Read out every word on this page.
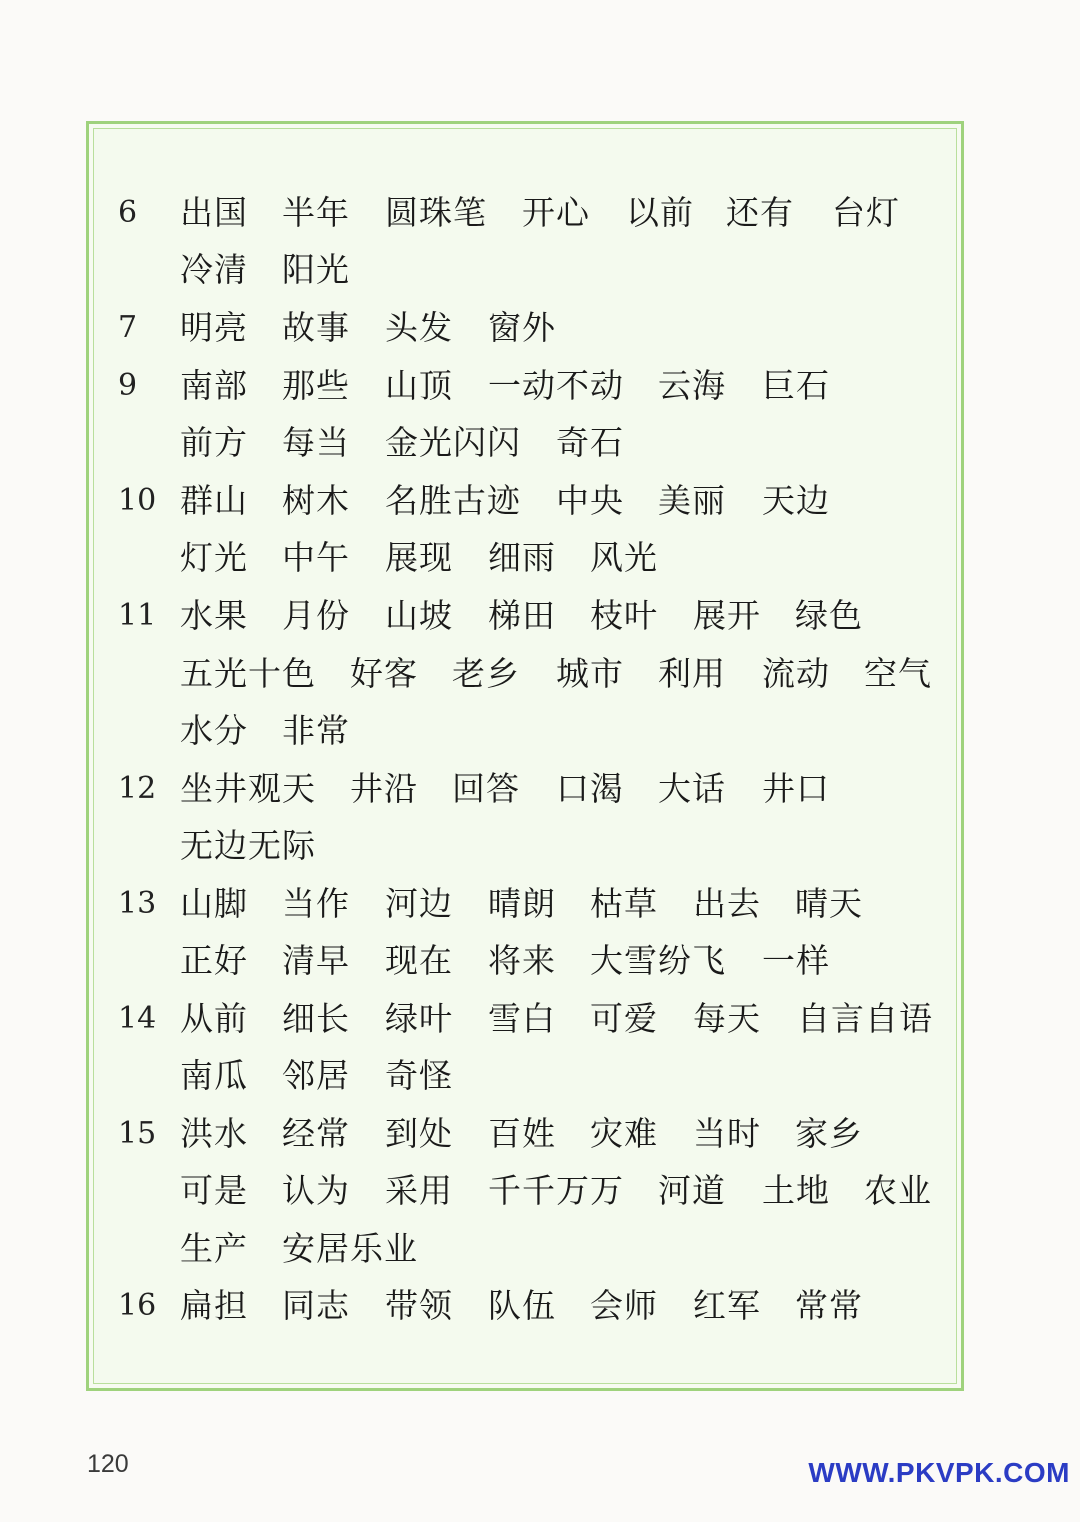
6	出国 半年 圆珠笔 开心 以前 还有 台灯
冷清 阳光
7	明亮 故事 头发 窗外
9	南部 那些 山顶 一动不动 云海 巨石
前方 每当 金光闪闪 奇石
10 群山 树木 名胜古迹 中央 美丽 天边
灯光 中午 展现 细雨 风光
11 水果 月份 山坡 梯田 枝叶 展开 绿色
五光十色 好客 老乡 城市 利用 流动 空气
水分 非常
12 坐井观天 井沿 回答 口渴 大话 井口
无边无际
13 山脚 当作 河边 晴朗 枯草 出去 晴天
正好 清早 现在 将来 大雪纷飞 一样
14 从前 细长 绿叶 雪白 可爱 每天 自言自语
南瓜 邻居 奇怪
15 洪水 经常 到处 百姓 灾难 当时 家乡
可是 认为 采用 千千万万 河道 土地 农业
生产 安居乐业
16 扁担 同志 带领 队伍 会师 红军 常常
120	WWW.PKVPK.COM
